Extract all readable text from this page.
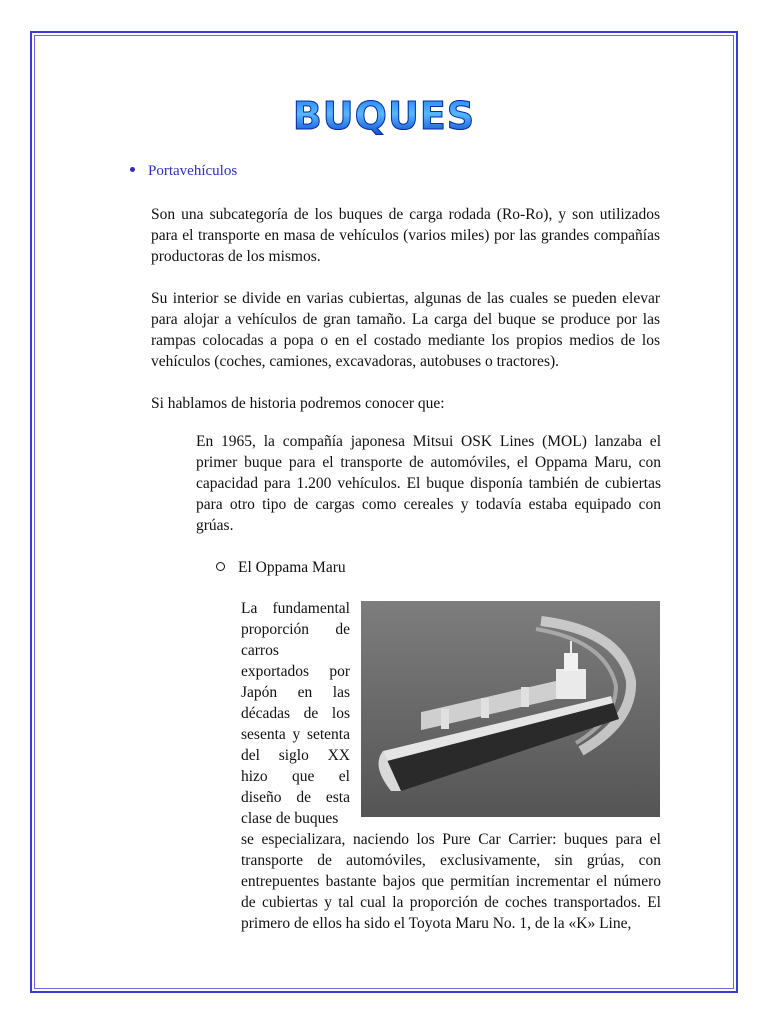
BUQUES
Portavehículos

Son una subcategoría de los buques de carga rodada (Ro-Ro), y son utilizados para el transporte en masa de vehículos (varios miles) por las grandes compañías productoras de los mismos.

Su interior se divide en varias cubiertas, algunas de las cuales se pueden elevar para alojar a vehículos de gran tamaño. La carga del buque se produce por las rampas colocadas a popa o en el costado mediante los propios medios de los vehículos (coches, camiones, excavadoras, autobuses o tractores).

Si hablamos de historia podremos conocer que:

En 1965, la compañía japonesa Mitsui OSK Lines (MOL) lanzaba el primer buque para el transporte de automóviles, el Oppama Maru, con capacidad para 1.200 vehículos. El buque disponía también de cubiertas para otro tipo de cargas como cereales y todavía estaba equipado con grúas.

El Oppama Maru

La fundamental proporción de carros exportados por Japón en las décadas de los sesenta y setenta del siglo XX hizo que el diseño de esta clase de buques

se especializara, naciendo los Pure Car Carrier: buques para el transporte de automóviles, exclusivamente, sin grúas, con entrepuentes bastante bajos que permitían incrementar el número de cubiertas y tal cual la proporción de coches transportados. El primero de ellos ha sido el Toyota Maru No. 1, de la «K» Line,
